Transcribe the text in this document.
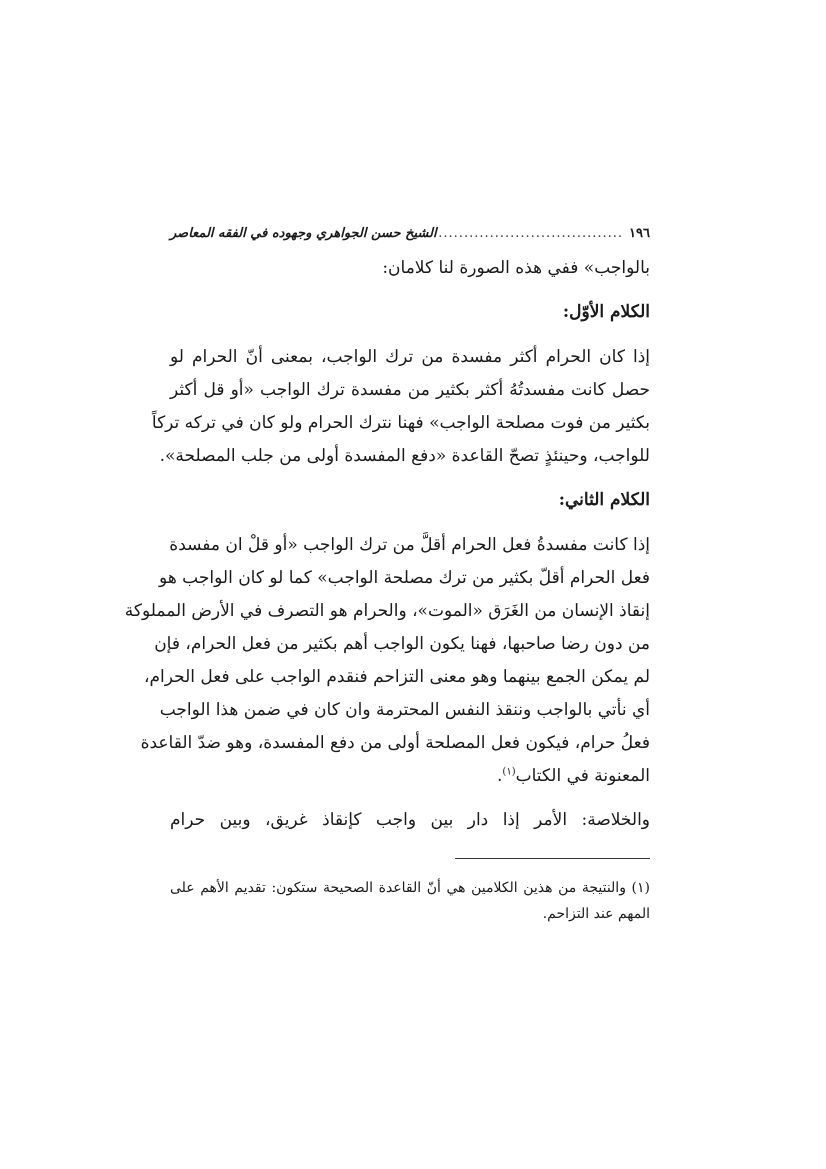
١٩٦
....................................
الشيخ حسن الجواهري وجهوده في الفقه المعاصر
بالواجب» ففي هذه الصورة لنا كلامان:
الكلام الأوّل:
إذا كان الحرام أكثر مفسدة من ترك الواجب، بمعنى أنّ الحرام لو
حصل كانت مفسدتُهُ أكثر بكثير من مفسدة ترك الواجب «أو قل أكثر
بكثير من فوت مصلحة الواجب» فهنا نترك الحرام ولو كان في تركه تركاً
للواجب، وحينئذٍ تصحّ القاعدة «دفع المفسدة أولى من جلب المصلحة».
الكلام الثاني:
إذا كانت مفسدةُ فعل الحرام أقلَّ من ترك الواجب «أو قلْ ان مفسدة
فعل الحرام أقلّ بكثير من ترك مصلحة الواجب» كما لو كان الواجب هو
إنقاذ الإنسان من الغَرَق «الموت»، والحرام هو التصرف في الأرض المملوكة
من دون رضا صاحبها، فهنا يكون الواجب أهم بكثير من فعل الحرام، فإن
لم يمكن الجمع بينهما وهو معنى التزاحم فنقدم الواجب على فعل الحرام،
أي نأتي بالواجب وننقذ النفس المحترمة وان كان في ضمن هذا الواجب
فعلُ حرام، فيكون فعل المصلحة أولى من دفع المفسدة، وهو ضدّ القاعدة
المعنونة في الكتاب$^{(١)}$.
والخلاصة: الأمر إذا دار بين واجب كإنقاذ غريق، وبين حرام
(١) والنتيجة من هذين الكلامين هي أنّ القاعدة الصحيحة ستكون: تقديم الأهم على
المهم عند التزاحم.
